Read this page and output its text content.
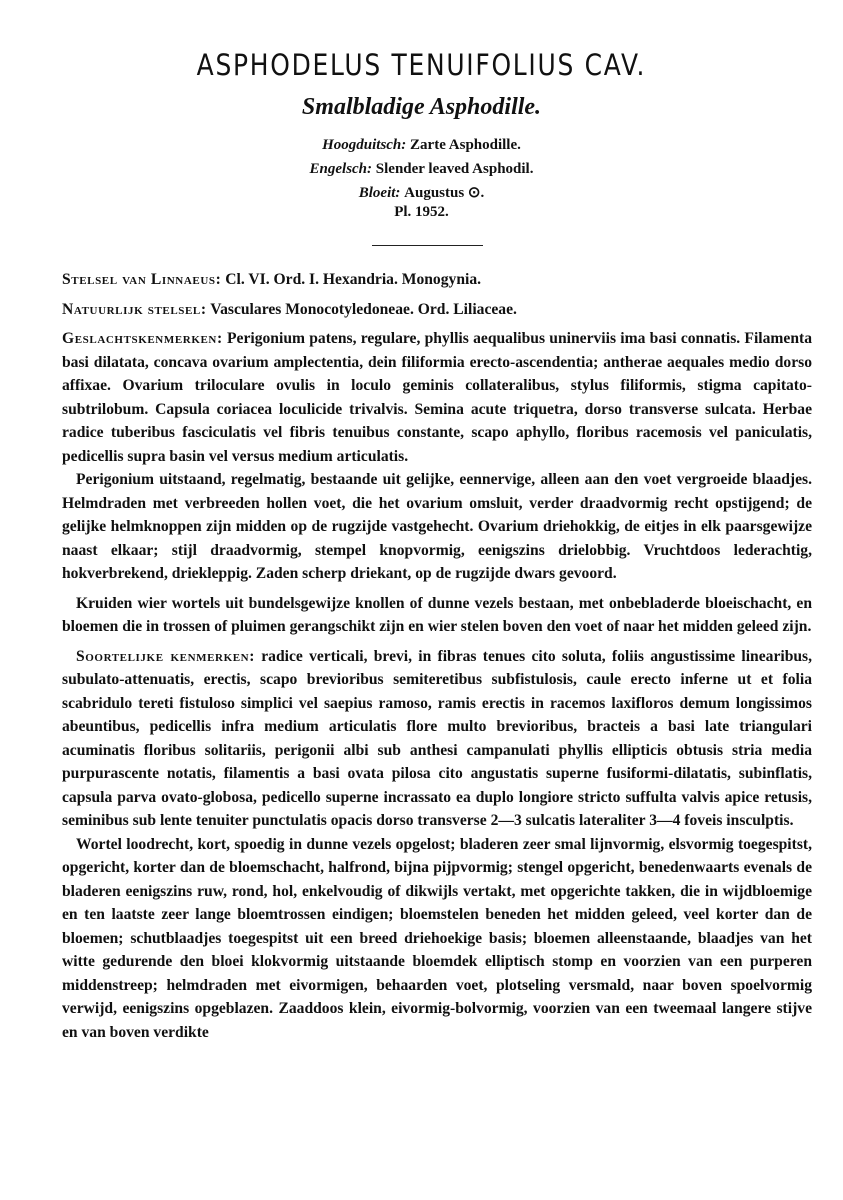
ASPHODELUS TENUIFOLIUS CAV.
Smalbladige Asphodille.
Hoogduitsch: Zarte Asphodille.
Engelsch: Slender leaved Asphodil.
Bloeit: Augustus ⊙.
Pl. 1952.

Stelsel van Linnaeus: Cl. VI. Ord. I. Hexandria. Monogynia.

Natuurlijk stelsel: Vasculares Monocotyledoneae. Ord. Liliaceae.

Geslachtskenmerken: Perigonium patens, regulare, phyllis aequalibus uninerviis ima basi connatis. Filamenta basi dilatata, concava ovarium amplectentia, dein filiformia erecto-ascendentia; antherae aequales medio dorso affixae. Ovarium triloculare ovulis in loculo geminis collateralibus, stylus filiformis, stigma capitato-subtrilobum. Capsula coriacea loculicide trivalvis. Semina acute triquetra, dorso transverse sulcata. Herbae radice tuberibus fasciculatis vel fibris tenuibus constante, scapo aphyllo, floribus racemosis vel paniculatis, pedicellis supra basin vel versus medium articulatis.

Perigonium uitstaand, regelmatig, bestaande uit gelijke, eennervige, alleen aan den voet vergroeide blaadjes. Helmdraden met verbreeden hollen voet, die het ovarium omsluit, verder draadvormig recht opstijgend; de gelijke helmknoppen zijn midden op de rugzijde vastgehecht. Ovarium driehokkig, de eitjes in elk paarsgewijze naast elkaar; stijl draadvormig, stempel knopvormig, eenigszins drielobbig. Vruchtdoos lederachtig, hokverbrekend, driekleppig. Zaden scherp driekant, op de rugzijde dwars gevoord.

Kruiden wier wortels uit bundelsgewijze knollen of dunne vezels bestaan, met onbebladerde bloeischacht, en bloemen die in trossen of pluimen gerangschikt zijn en wier stelen boven den voet of naar het midden geleed zijn.

Soortelijke kenmerken: radice verticali, brevi, in fibras tenues cito soluta, foliis angustissime linearibus, subulato-attenuatis, erectis, scapo brevioribus semiteretibus subfistulosis, caule erecto inferne ut et folia scabridulo tereti fistuloso simplici vel saepius ramoso, ramis erectis in racemos laxifloros demum longissimos abeuntibus, pedicellis infra medium articulatis flore multo brevioribus, bracteis a basi late triangulari acuminatis floribus solitariis, perigonii albi sub anthesi campanulati phyllis ellipticis obtusis stria media purpurascente notatis, filamentis a basi ovata pilosa cito angustatis superne fusiformi-dilatatis, subinflatis, capsula parva ovato-globosa, pedicello superne incrassato ea duplo longiore stricto suffulta valvis apice retusis, seminibus sub lente tenuiter punctulatis opacis dorso transverse 2—3 sulcatis lateraliter 3—4 foveis insculptis.

Wortel loodrecht, kort, spoedig in dunne vezels opgelost; bladeren zeer smal lijnvormig, elsvormig toegespitst, opgericht, korter dan de bloemschacht, halfrond, bijna pijpvormig; stengel opgericht, benedenwaarts evenals de bladeren eenigszins ruw, rond, hol, enkelvoudig of dikwijls vertakt, met opgerichte takken, die in wijdbloemige en ten laatste zeer lange bloemtrossen eindigen; bloemstelen beneden het midden geleed, veel korter dan de bloemen; schutblaadjes toegespitst uit een breed driehoekige basis; bloemen alleenstaande, blaadjes van het witte gedurende den bloei klokvormig uitstaande bloemdek elliptisch stomp en voorzien van een purperen middenstreep; helmdraden met eivormigen, behaarden voet, plotseling versmald, naar boven spoelvormig verwijd, eenigszins opgeblazen. Zaaddoos klein, eivormig-bolvormig, voorzien van een tweemaal langere stijve en van boven verdikte
